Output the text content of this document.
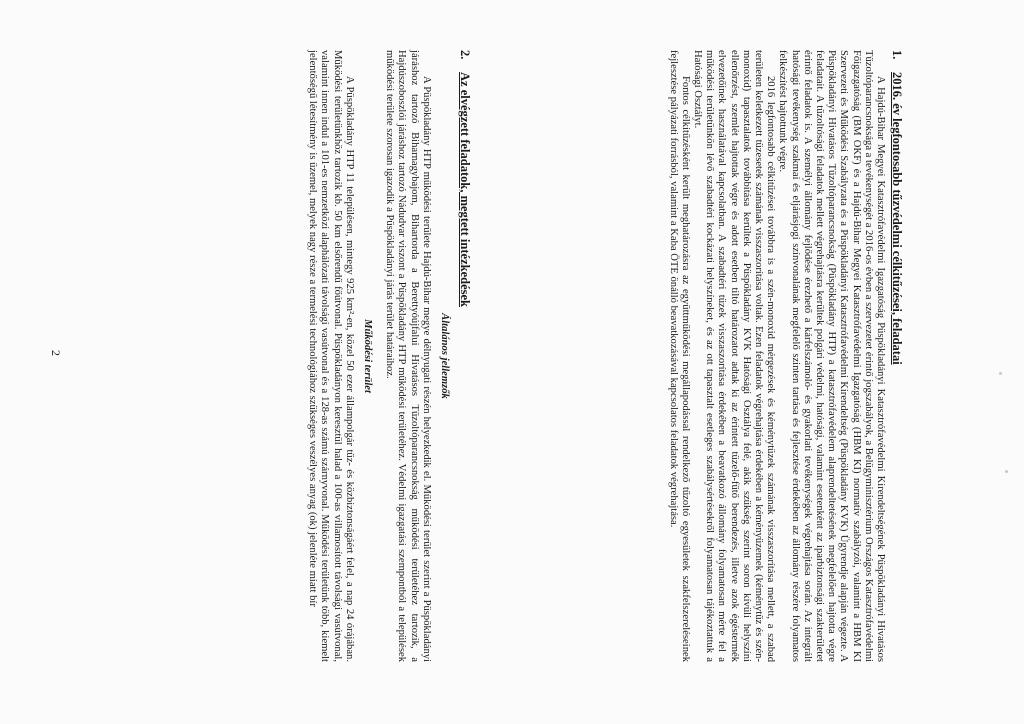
1.2016. év legfontosabb tűzvédelmi célkitűzései, feladatai

A Hajdú-Bihar Megyei Katasztrófavédelmi Igazgatóság Püspökladányi Katasztrófavédelmi Kirendeltségének Püspökladányi Hivatásos Tűzoltóparancsnoksága a tevékenységét a 2016-os évben a szervezetet érintő jogszabályok, a Belügyminisztérium Országos Katasztrófavédelmi Főigazgatóság (BM OKF) és a Hajdú-Bihar Megyei Katasztrófavédelmi Igazgatóság (HBM KI) normatív szabályzói, valamint a HBM KI Szervezeti és Működési Szabályzata és a Püspökladányi Katasztrófavédelmi Kirendeltség (Püspökladány KVK) Ügyrendje alapján végezte. A Püspökladányi Hivatásos Tűzoltóparancsnokság (Püspökladány HTP) a katasztrófavédelem alaprendeltetésének megfelelően hajtotta végre feladatait. A tűzoltósági feladatok mellett végrehajtásra kerültek polgári védelmi, hatósági, valamint esetenként az iparbiztonsági szakterületet érintő feladatok is. A személyi állomány fejlődése érezhető a kárfelszámoló- és gyakorlati tevékenységek végrehajtása során. Az integrált hatósági tevékenység szakmai és eljárásjogi színvonalának megfelelő szinten tartása és fejlesztése érdekében az állomány részére folyamatos felkészítést hajtottunk végre.

2016 legfontosabb célkitűzései továbbra is a szén-monoxid mérgezések és kéménytüzek számának visszaszorítása mellett, a szabad területen keletkezett tüzesetek számának visszaszorítása voltak. Ezen feladatok végrehajtása érdekében a kéményüzemek (kéménytűz és szén-monoxid) tapasztalatok továbbítása kerültek a Püspökladány KVK Hatósági Osztálya felé, akik szükség szerint soron kívüli helyszíni ellenőrzést, szemlét hajtottak végre és adott esetben tiltó határozatot adtak ki az érintett tüzelő-fűtő berendezés, illetve azok égéstermék elvezetőinek használatával kapcsolatban. A szabadtéri tüzek visszaszorítása érdekében a beavatkozó állomány folyamatosan mérte fel a működési területünkön lévő szabadtéri kockázati helyszíneket, és az ott tapasztalt esetleges szabálysértésekről folyamatosan tájékoztattuk a Hatósági Osztályt.

Fontos célkitűzésként került meghatározásra az együttműködési megállapodással rendelkező tűzoltó egyesületek szakfelszereléseinek fejlesztése pályázati forrásból, valamint a Kaba ÖTE önálló beavatkozásával kapcsolatos feladatok végrehajtása.

2.Az elvégzett feladatok, megtett intézkedések
Általános jellemzők

A Püspökladány HTP működési területe Hajdú-Bihar megye délnyugati részén helyezkedik el. Működési terület szerint a Püspökladányi járáshoz tartozó Biharnagybajom, Bihartorda a Berettyóújfalui Hivatásos Tűzoltóparancsnokság működési területéhez tartozik, a Hajdúszoboszlói járáshoz tartozó Nádudvar viszont a Püspökladány HTP működési területéhez. Védelmi igazgatási szempontból a települések működési területe szorosan igazodik a Püspökladányi járás terület határaihoz.

Működési terület

A Püspökladány HTP 11 településen, mintegy 925 km²-en, közel 50 ezer állampolgár tűz- és közbiztonságáért felel, a nap 24 órájában. Működési területünkhöz tartozik kb. 50 km elsőrendű főútvonal. Püspökladányon keresztül halad a 100-as villamosított távolsági vasútvonal, valamint innen indul a 101-es nemzetközi alaphálózati távolsági vasútvonal és a 128-as számú szárnyvonal. Működési területünk több, kiemelt jelentőségű létesítmény is üzemel, melyek nagy része a termelési technológiához szükséges veszélyes anyag (ok) jelenléte miatt bír

2
